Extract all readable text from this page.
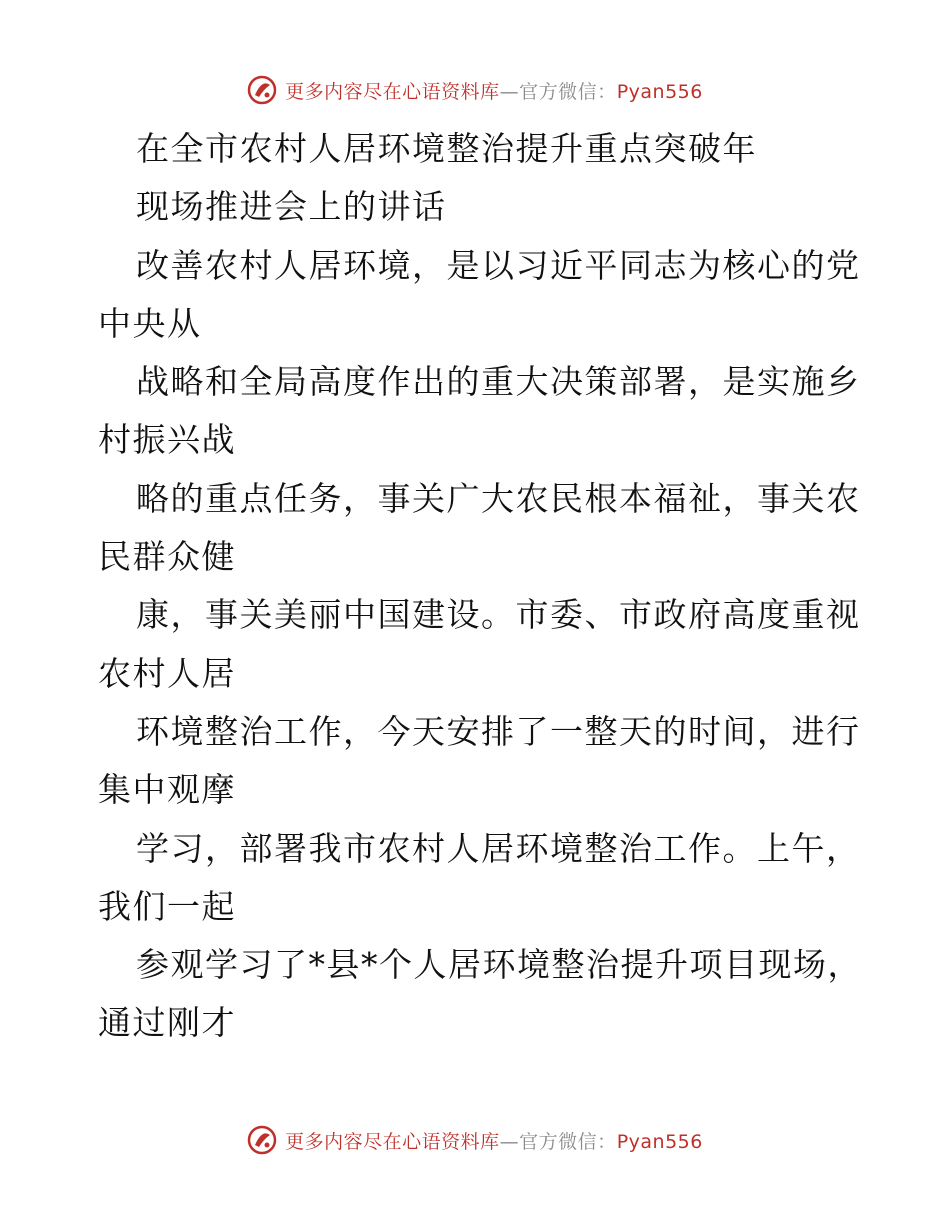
更多内容尽在心语资料库—官方微信：Pyan556
在全市农村人居环境整治提升重点突破年
现场推进会上的讲话
改善农村人居环境，是以习近平同志为核心的党
中央从
战略和全局高度作出的重大决策部署，是实施乡
村振兴战
略的重点任务，事关广大农民根本福祉，事关农
民群众健
康，事关美丽中国建设。市委、市政府高度重视
农村人居
环境整治工作，今天安排了一整天的时间，进行
集中观摩
学习，部署我市农村人居环境整治工作。上午，
我们一起
参观学习了*县*个人居环境整治提升项目现场，
通过刚才
更多内容尽在心语资料库—官方微信：Pyan556
